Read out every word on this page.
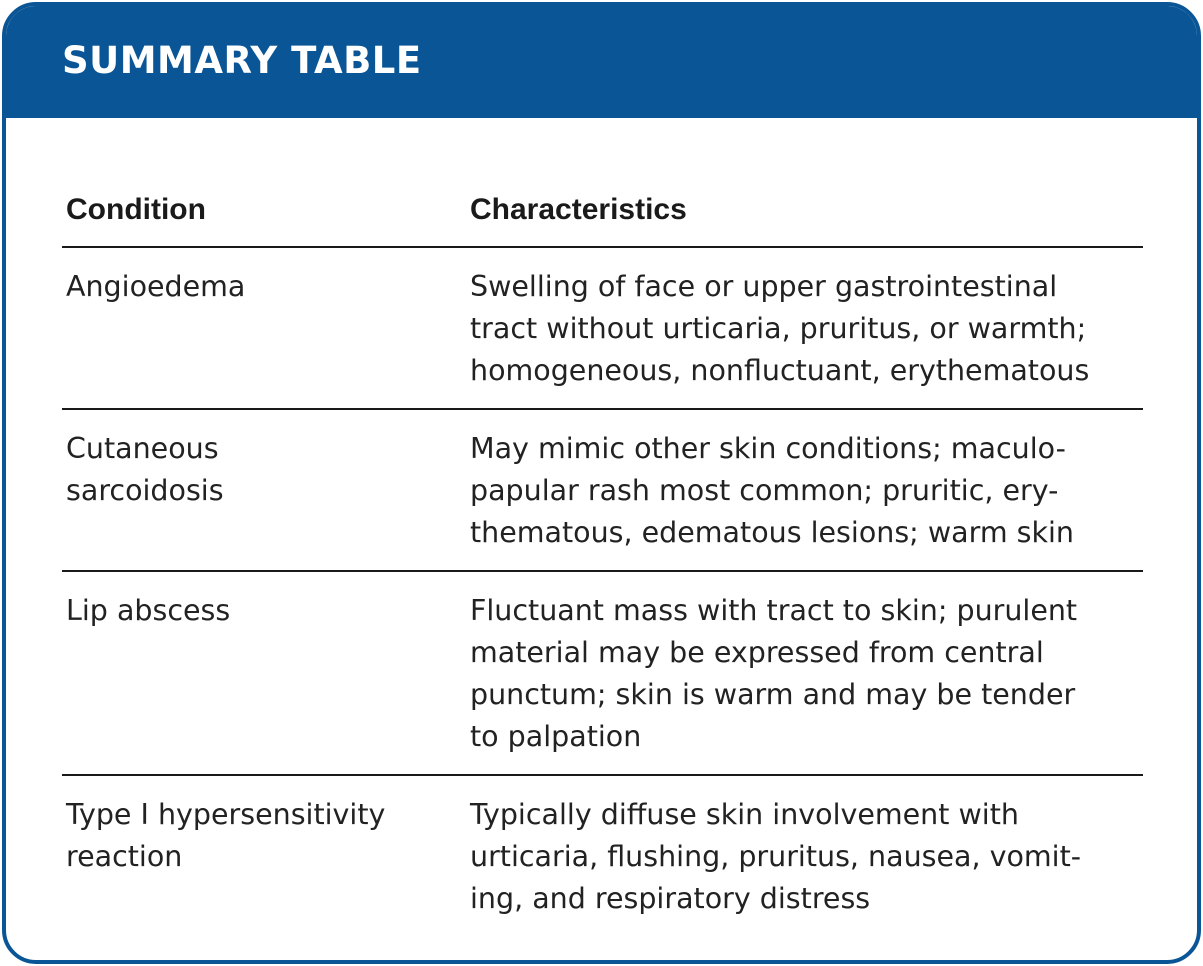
SUMMARY TABLE
Condition	Characteristics

Angioedema	Swelling of face or upper gastrointestinal
tract without urticaria, pruritus, or warmth;
homogeneous, nonfluctuant, erythematous

Cutaneous
sarcoidosis	May mimic other skin conditions; maculo-
papular rash most common; pruritic, ery-
thematous, edematous lesions; warm skin

Lip abscess	Fluctuant mass with tract to skin; purulent
material may be expressed from central
punctum; skin is warm and may be tender
to palpation

Type I hypersensitivity
reaction	Typically diffuse skin involvement with
urticaria, flushing, pruritus, nausea, vomit-
ing, and respiratory distress
